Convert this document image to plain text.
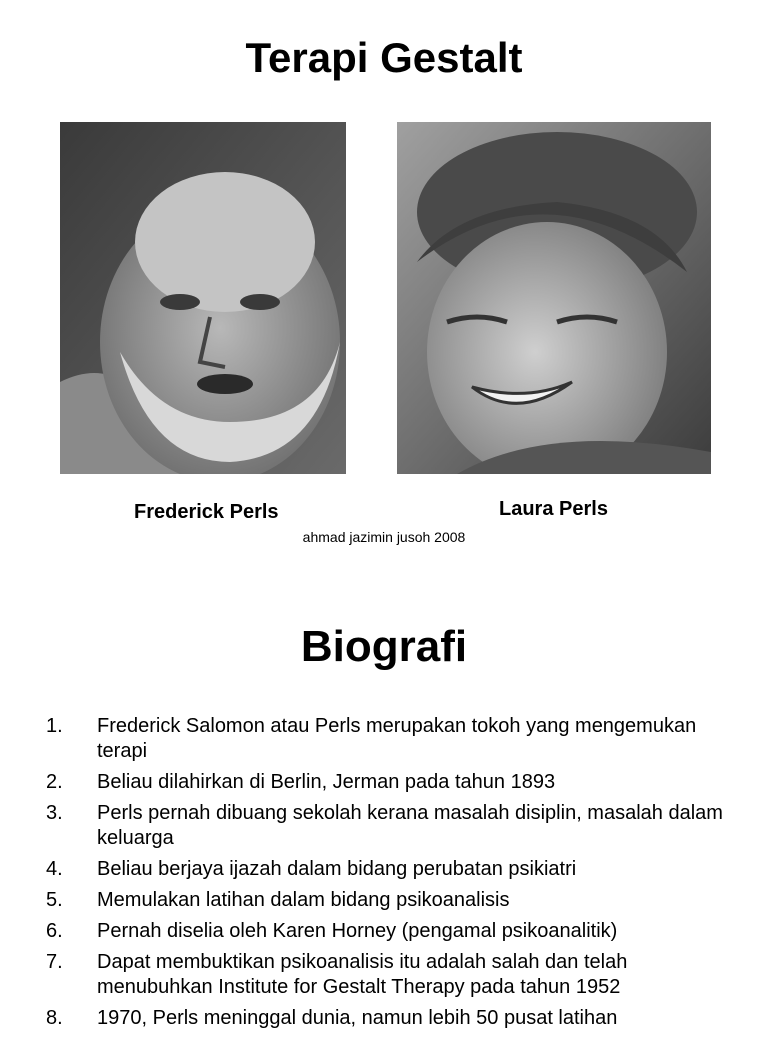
Terapi Gestalt
Frederick Perls	Laura Perls
ahmad jazimin jusoh 2008
Biografi
1. Frederick Salomon atau Perls merupakan tokoh yang mengemukan terapi
2. Beliau dilahirkan di Berlin, Jerman pada tahun 1893
3. Perls pernah dibuang sekolah kerana masalah disiplin, masalah dalam keluarga
4. Beliau berjaya ijazah dalam bidang perubatan psikiatri
5. Memulakan latihan dalam bidang psikoanalisis
6. Pernah diselia oleh Karen Horney (pengamal psikoanalitik)
7. Dapat membuktikan psikoanalisis itu adalah salah dan telah menubuhkan Institute for Gestalt Therapy pada tahun 1952
8. 1970, Perls meninggal dunia, namun lebih 50 pusat latihan
